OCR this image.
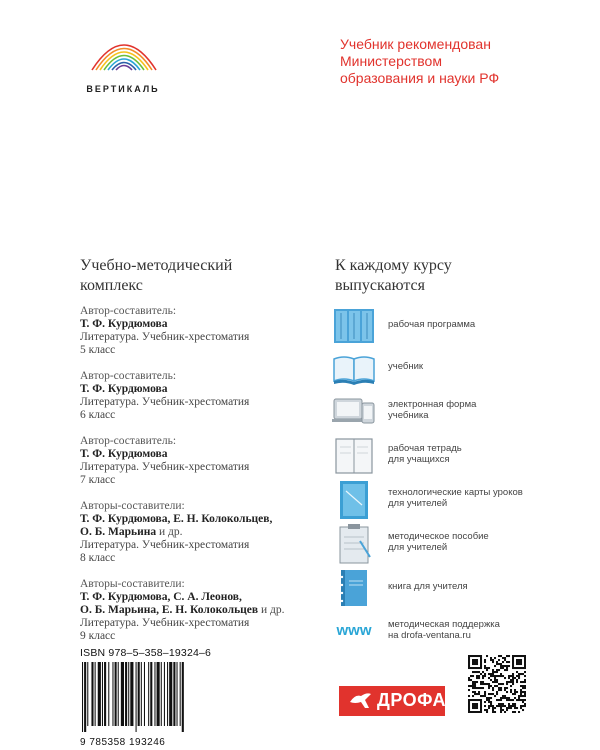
ВЕРТИКАЛЬ
Учебник рекомендован
Министерством
образования и науки РФ
Учебно-методический
комплекс
Автор-составитель:
Т. Ф. Курдюмова
Литература. Учебник-хрестоматия
5 класс
Автор-составитель:
Т. Ф. Курдюмова
Литература. Учебник-хрестоматия
6 класс
Автор-составитель:
Т. Ф. Курдюмова
Литература. Учебник-хрестоматия
7 класс
Авторы-составители:
Т. Ф. Курдюмова, Е. Н. Колокольцев,
О. Б. Марьина и др.
Литература. Учебник-хрестоматия
8 класс
Авторы-составители:
Т. Ф. Курдюмова, С. А. Леонов,
О. Б. Марьина, Е. Н. Колокольцев и др.
Литература. Учебник-хрестоматия
9 класс
К каждому курсу
выпускаются
рабочая программа
учебник
электронная форма
учебника
рабочая тетрадь
для учащихся
технологические карты уроков
для учителей
методическое пособие
для учителей
книга для учителя
www методическая поддержка
на drofa-ventana.ru
ISBN 978–5–358–19324–6
9 785358 193246
ДРОФА
